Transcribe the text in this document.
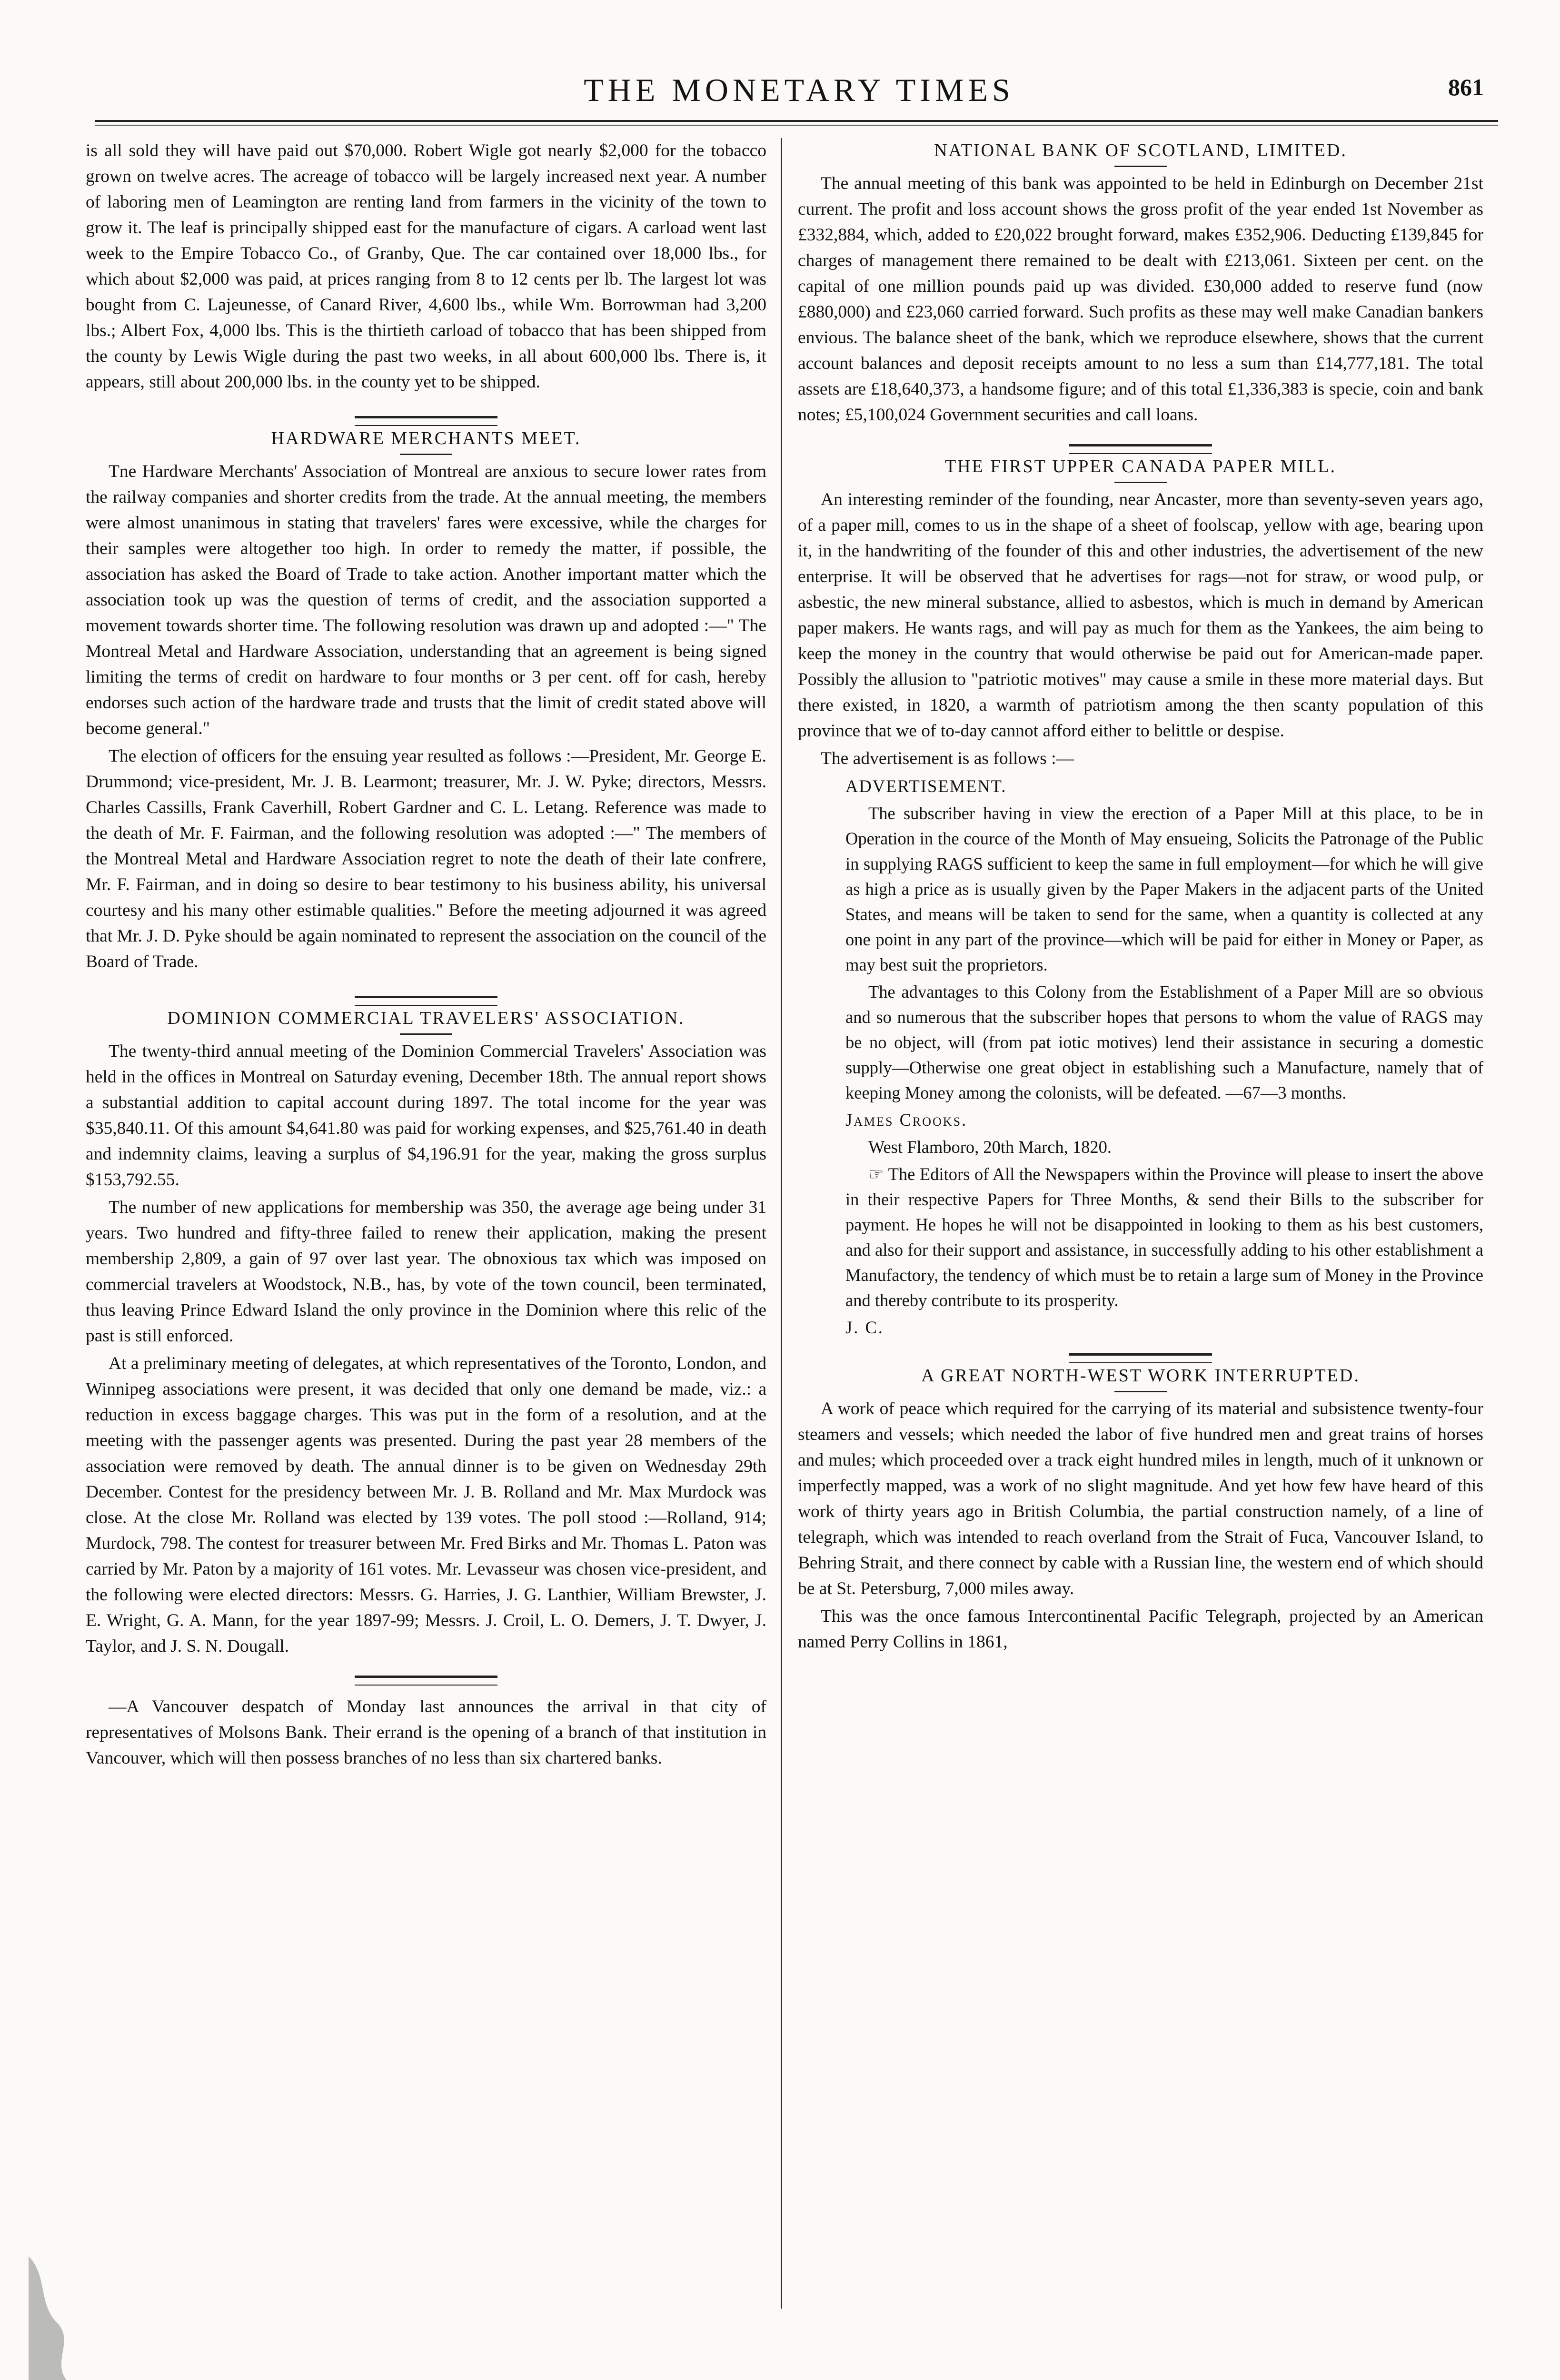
THE MONETARY TIMES	861

is all sold they will have paid out $70,000. Robert Wigle got nearly $2,000 for the tobacco grown on twelve acres. The acreage of tobacco will be largely increased next year. A number of laboring men of Leamington are renting land from farmers in the vicinity of the town to grow it. The leaf is principally shipped east for the manufacture of cigars. A carload went last week to the Empire Tobacco Co., of Granby, Que. The car contained over 18,000 lbs., for which about $2,000 was paid, at prices ranging from 8 to 12 cents per lb. The largest lot was bought from C. Lajeunesse, of Canard River, 4,600 lbs., while Wm. Borrowman had 3,200 lbs.; Albert Fox, 4,000 lbs. This is the thirtieth carload of tobacco that has been shipped from the county by Lewis Wigle during the past two weeks, in all about 600,000 lbs. There is, it appears, still about 200,000 lbs. in the county yet to be shipped.

HARDWARE MERCHANTS MEET.

Tne Hardware Merchants' Association of Montreal are anxious to secure lower rates from the railway companies and shorter credits from the trade. At the annual meeting, the members were almost unanimous in stating that travelers' fares were excessive, while the charges for their samples were altogether too high. In order to remedy the matter, if possible, the association has asked the Board of Trade to take action. Another important matter which the association took up was the question of terms of credit, and the association supported a movement towards shorter time. The following resolution was drawn up and adopted :—" The Montreal Metal and Hardware Association, understanding that an agreement is being signed limiting the terms of credit on hardware to four months or 3 per cent. off for cash, hereby endorses such action of the hardware trade and trusts that the limit of credit stated above will become general."

The election of officers for the ensuing year resulted as follows :—President, Mr. George E. Drummond; vice-president, Mr. J. B. Learmont; treasurer, Mr. J. W. Pyke; directors, Messrs. Charles Cassills, Frank Caverhill, Robert Gardner and C. L. Letang. Reference was made to the death of Mr. F. Fairman, and the following resolution was adopted :—" The members of the Montreal Metal and Hardware Association regret to note the death of their late confrere, Mr. F. Fairman, and in doing so desire to bear testimony to his business ability, his universal courtesy and his many other estimable qualities." Before the meeting adjourned it was agreed that Mr. J. D. Pyke should be again nominated to represent the association on the council of the Board of Trade.

DOMINION COMMERCIAL TRAVELERS' ASSOCIATION.

The twenty-third annual meeting of the Dominion Commercial Travelers' Association was held in the offices in Montreal on Saturday evening, December 18th. The annual report shows a substantial addition to capital account during 1897. The total income for the year was $35,840.11. Of this amount $4,641.80 was paid for working expenses, and $25,761.40 in death and indemnity claims, leaving a surplus of $4,196.91 for the year, making the gross surplus $153,792.55.

The number of new applications for membership was 350, the average age being under 31 years. Two hundred and fifty-three failed to renew their application, making the present membership 2,809, a gain of 97 over last year. The obnoxious tax which was imposed on commercial travelers at Woodstock, N.B., has, by vote of the town council, been terminated, thus leaving Prince Edward Island the only province in the Dominion where this relic of the past is still enforced.

At a preliminary meeting of delegates, at which representatives of the Toronto, London, and Winnipeg associations were present, it was decided that only one demand be made, viz.: a reduction in excess baggage charges. This was put in the form of a resolution, and at the meeting with the passenger agents was presented. During the past year 28 members of the association were removed by death. The annual dinner is to be given on Wednesday 29th December. Contest for the presidency between Mr. J. B. Rolland and Mr. Max Murdock was close. At the close Mr. Rolland was elected by 139 votes. The poll stood :—Rolland, 914; Murdock, 798. The contest for treasurer between Mr. Fred Birks and Mr. Thomas L. Paton was carried by Mr. Paton by a majority of 161 votes. Mr. Levasseur was chosen vice-president, and the following were elected directors: Messrs. G. Harries, J. G. Lanthier, William Brewster, J. E. Wright, G. A. Mann, for the year 1897-99; Messrs. J. Croil, L. O. Demers, J. T. Dwyer, J. Taylor, and J. S. N. Dougall.

—A Vancouver despatch of Monday last announces the arrival in that city of representatives of Molsons Bank. Their errand is the opening of a branch of that institution in Vancouver, which will then possess branches of no less than six chartered banks.

NATIONAL BANK OF SCOTLAND, LIMITED.

The annual meeting of this bank was appointed to be held in Edinburgh on December 21st current. The profit and loss account shows the gross profit of the year ended 1st November as £332,884, which, added to £20,022 brought forward, makes £352,906. Deducting £139,845 for charges of management there remained to be dealt with £213,061. Sixteen per cent. on the capital of one million pounds paid up was divided. £30,000 added to reserve fund (now £880,000) and £23,060 carried forward. Such profits as these may well make Canadian bankers envious. The balance sheet of the bank, which we reproduce elsewhere, shows that the current account balances and deposit receipts amount to no less a sum than £14,777,181. The total assets are £18,640,373, a handsome figure; and of this total £1,336,383 is specie, coin and bank notes; £5,100,024 Government securities and call loans.

THE FIRST UPPER CANADA PAPER MILL.

An interesting reminder of the founding, near Ancaster, more than seventy-seven years ago, of a paper mill, comes to us in the shape of a sheet of foolscap, yellow with age, bearing upon it, in the handwriting of the founder of this and other industries, the advertisement of the new enterprise. It will be observed that he advertises for rags—not for straw, or wood pulp, or asbestic, the new mineral substance, allied to asbestos, which is much in demand by American paper makers. He wants rags, and will pay as much for them as the Yankees, the aim being to keep the money in the country that would otherwise be paid out for American-made paper. Possibly the allusion to "patriotic motives" may cause a smile in these more material days. But there existed, in 1820, a warmth of patriotism among the then scanty population of this province that we of to-day cannot afford either to belittle or despise.

The advertisement is as follows :—

ADVERTISEMENT.

The subscriber having in view the erection of a Paper Mill at this place, to be in Operation in the cource of the Month of May ensueing, Solicits the Patronage of the Public in supplying RAGS sufficient to keep the same in full employment—for which he will give as high a price as is usually given by the Paper Makers in the adjacent parts of the United States, and means will be taken to send for the same, when a quantity is collected at any one point in any part of the province—which will be paid for either in Money or Paper, as may best suit the proprietors.

The advantages to this Colony from the Establishment of a Paper Mill are so obvious and so numerous that the subscriber hopes that persons to whom the value of RAGS may be no object, will (from pat iotic motives) lend their assistance in securing a domestic supply—Otherwise one great object in establishing such a Manufacture, namely that of keeping Money among the colonists, will be defeated. —67—3 months.

James Crooks.

West Flamboro, 20th March, 1820.

☞ The Editors of All the Newspapers within the Province will please to insert the above in their respective Papers for Three Months, & send their Bills to the subscriber for payment. He hopes he will not be disappointed in looking to them as his best customers, and also for their support and assistance, in successfully adding to his other establishment a Manufactory, the tendency of which must be to retain a large sum of Money in the Province and thereby contribute to its prosperity.

J. C.

A GREAT NORTH-WEST WORK INTERRUPTED.

A work of peace which required for the carrying of its material and subsistence twenty-four steamers and vessels; which needed the labor of five hundred men and great trains of horses and mules; which proceeded over a track eight hundred miles in length, much of it unknown or imperfectly mapped, was a work of no slight magnitude. And yet how few have heard of this work of thirty years ago in British Columbia, the partial construction namely, of a line of telegraph, which was intended to reach overland from the Strait of Fuca, Vancouver Island, to Behring Strait, and there connect by cable with a Russian line, the western end of which should be at St. Petersburg, 7,000 miles away.

This was the once famous Intercontinental Pacific Telegraph, projected by an American named Perry Collins in 1861,
